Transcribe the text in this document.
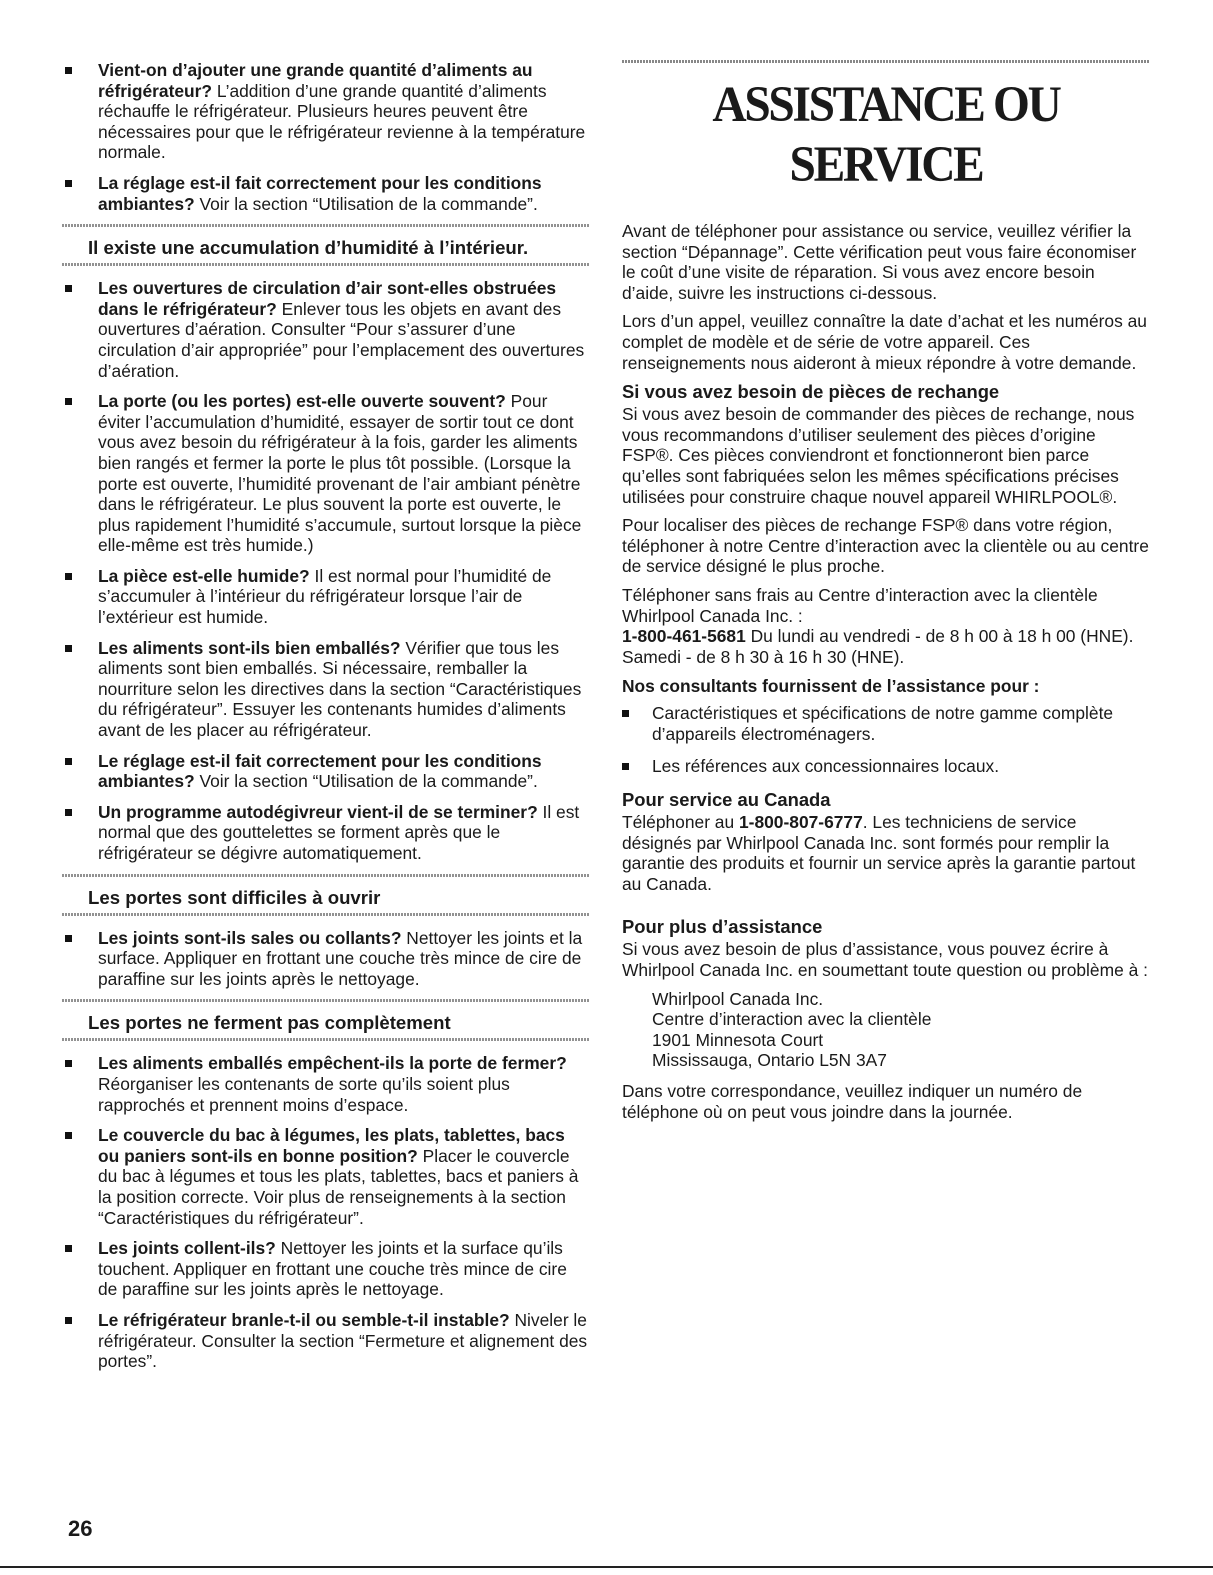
Vient-on d’ajouter une grande quantité d’aliments au réfrigérateur? L’addition d’une grande quantité d’aliments réchauffe le réfrigérateur. Plusieurs heures peuvent être nécessaires pour que le réfrigérateur revienne à la température normale.
La réglage est-il fait correctement pour les conditions ambiantes? Voir la section “Utilisation de la commande”.
Il existe une accumulation d’humidité à l’intérieur.
Les ouvertures de circulation d’air sont-elles obstruées dans le réfrigérateur? Enlever tous les objets en avant des ouvertures d’aération. Consulter “Pour s’assurer d’une circulation d’air appropriée” pour l’emplacement des ouvertures d’aération.
La porte (ou les portes) est-elle ouverte souvent? Pour éviter l’accumulation d’humidité, essayer de sortir tout ce dont vous avez besoin du réfrigérateur à la fois, garder les aliments bien rangés et fermer la porte le plus tôt possible. (Lorsque la porte est ouverte, l’humidité provenant de l’air ambiant pénètre dans le réfrigérateur. Le plus souvent la porte est ouverte, le plus rapidement l’humidité s’accumule, surtout lorsque la pièce elle-même est très humide.)
La pièce est-elle humide? Il est normal pour l’humidité de s’accumuler à l’intérieur du réfrigérateur lorsque l’air de l’extérieur est humide.
Les aliments sont-ils bien emballés? Vérifier que tous les aliments sont bien emballés. Si nécessaire, remballer la nourriture selon les directives dans la section “Caractéristiques du réfrigérateur”. Essuyer les contenants humides d’aliments avant de les placer au réfrigérateur.
Le réglage est-il fait correctement pour les conditions ambiantes? Voir la section “Utilisation de la commande”.
Un programme autodégivreur vient-il de se terminer? Il est normal que des gouttelettes se forment après que le réfrigérateur se dégivre automatiquement.
Les portes sont difficiles à ouvrir
Les joints sont-ils sales ou collants? Nettoyer les joints et la surface. Appliquer en frottant une couche très mince de cire de paraffine sur les joints après le nettoyage.
Les portes ne ferment pas complètement
Les aliments emballés empêchent-ils la porte de fermer? Réorganiser les contenants de sorte qu’ils soient plus rapprochés et prennent moins d’espace.
Le couvercle du bac à légumes, les plats, tablettes, bacs ou paniers sont-ils en bonne position? Placer le couvercle du bac à légumes et tous les plats, tablettes, bacs et paniers à la position correcte. Voir plus de renseignements à la section “Caractéristiques du réfrigérateur”.
Les joints collent-ils? Nettoyer les joints et la surface qu’ils touchent. Appliquer en frottant une couche très mince de cire de paraffine sur les joints après le nettoyage.
Le réfrigérateur branle-t-il ou semble-t-il instable? Niveler le réfrigérateur. Consulter la section “Fermeture et alignement des portes”.
ASSISTANCE OU SERVICE

Avant de téléphoner pour assistance ou service, veuillez vérifier la section “Dépannage”. Cette vérification peut vous faire économiser le coût d’une visite de réparation. Si vous avez encore besoin d’aide, suivre les instructions ci-dessous.

Lors d’un appel, veuillez connaître la date d’achat et les numéros au complet de modèle et de série de votre appareil. Ces renseignements nous aideront à mieux répondre à votre demande.

Si vous avez besoin de pièces de rechange

Si vous avez besoin de commander des pièces de rechange, nous vous recommandons d’utiliser seulement des pièces d’origine FSP®. Ces pièces conviendront et fonctionneront bien parce qu’elles sont fabriquées selon les mêmes spécifications précises utilisées pour construire chaque nouvel appareil WHIRLPOOL®.

Pour localiser des pièces de rechange FSP® dans votre région, téléphoner à notre Centre d’interaction avec la clientèle ou au centre de service désigné le plus proche.

Téléphoner sans frais au Centre d’interaction avec la clientèle Whirlpool Canada Inc. :
1-800-461-5681 Du lundi au vendredi - de 8 h 00 à 18 h 00 (HNE). Samedi - de 8 h 30 à 16 h 30 (HNE).

Nos consultants fournissent de l’assistance pour :
Caractéristiques et spécifications de notre gamme complète d’appareils électroménagers.
Les références aux concessionnaires locaux.
Pour service au Canada

Téléphoner au 1-800-807-6777. Les techniciens de service désignés par Whirlpool Canada Inc. sont formés pour remplir la garantie des produits et fournir un service après la garantie partout au Canada.

Pour plus d’assistance

Si vous avez besoin de plus d’assistance, vous pouvez écrire à Whirlpool Canada Inc. en soumettant toute question ou problème à :

Whirlpool Canada Inc.
Centre d’interaction avec la clientèle
1901 Minnesota Court
Mississauga, Ontario L5N 3A7

Dans votre correspondance, veuillez indiquer un numéro de téléphone où on peut vous joindre dans la journée.

26
